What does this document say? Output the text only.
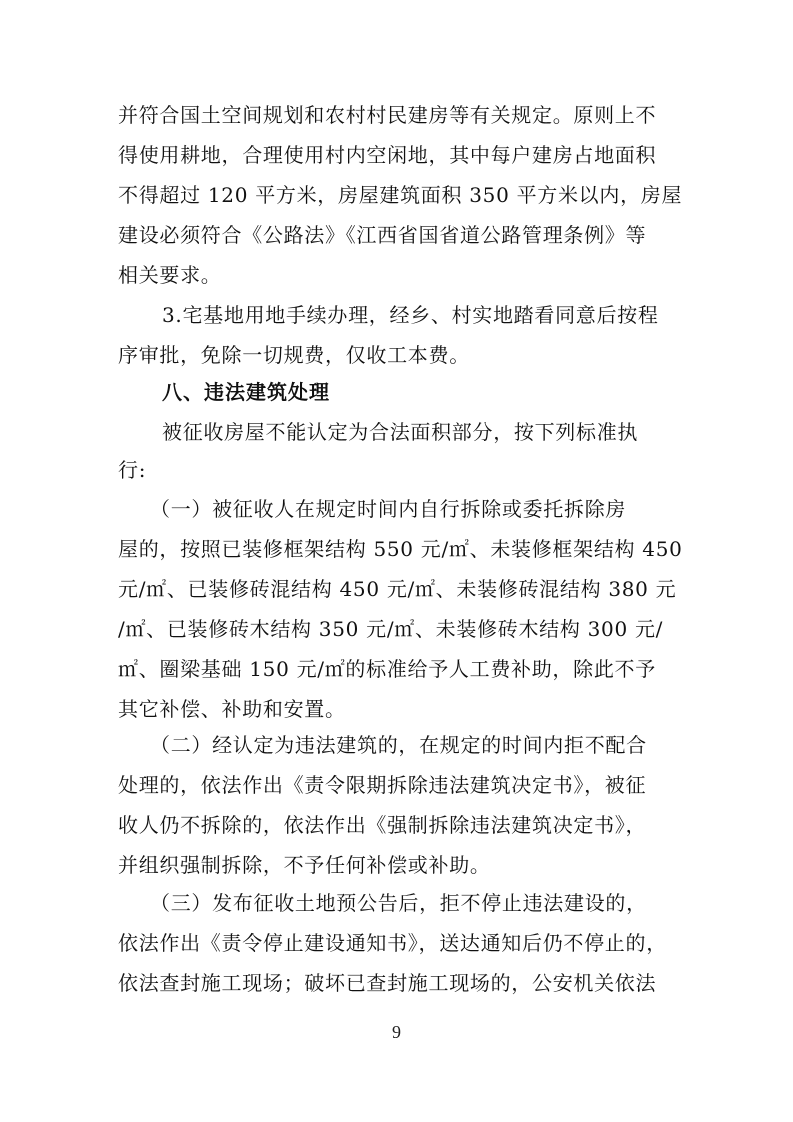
并符合国土空间规划和农村村民建房等有关规定。原则上不
得使用耕地，合理使用村内空闲地，其中每户建房占地面积
不得超过 120 平方米，房屋建筑面积 350 平方米以内，房屋
建设必须符合《公路法》《江西省国省道公路管理条例》等
相关要求。
3.宅基地用地手续办理，经乡、村实地踏看同意后按程
序审批，免除一切规费，仅收工本费。
八、违法建筑处理
被征收房屋不能认定为合法面积部分，按下列标准执
行:
（一）被征收人在规定时间内自行拆除或委托拆除房
屋的，按照已装修框架结构 550 元/㎡、未装修框架结构 450
元/㎡、已装修砖混结构 450 元/㎡、未装修砖混结构 380 元
/㎡、已装修砖木结构 350 元/㎡、未装修砖木结构 300 元/
㎡、圈梁基础 150 元/㎡的标准给予人工费补助，除此不予
其它补偿、补助和安置。
（二）经认定为违法建筑的，在规定的时间内拒不配合
处理的，依法作出《责令限期拆除违法建筑决定书》，被征
收人仍不拆除的，依法作出《强制拆除违法建筑决定书》，
并组织强制拆除，不予任何补偿或补助。
（三）发布征收土地预公告后，拒不停止违法建设的，
依法作出《责令停止建设通知书》，送达通知后仍不停止的，
依法查封施工现场；破坏已查封施工现场的，公安机关依法
9
